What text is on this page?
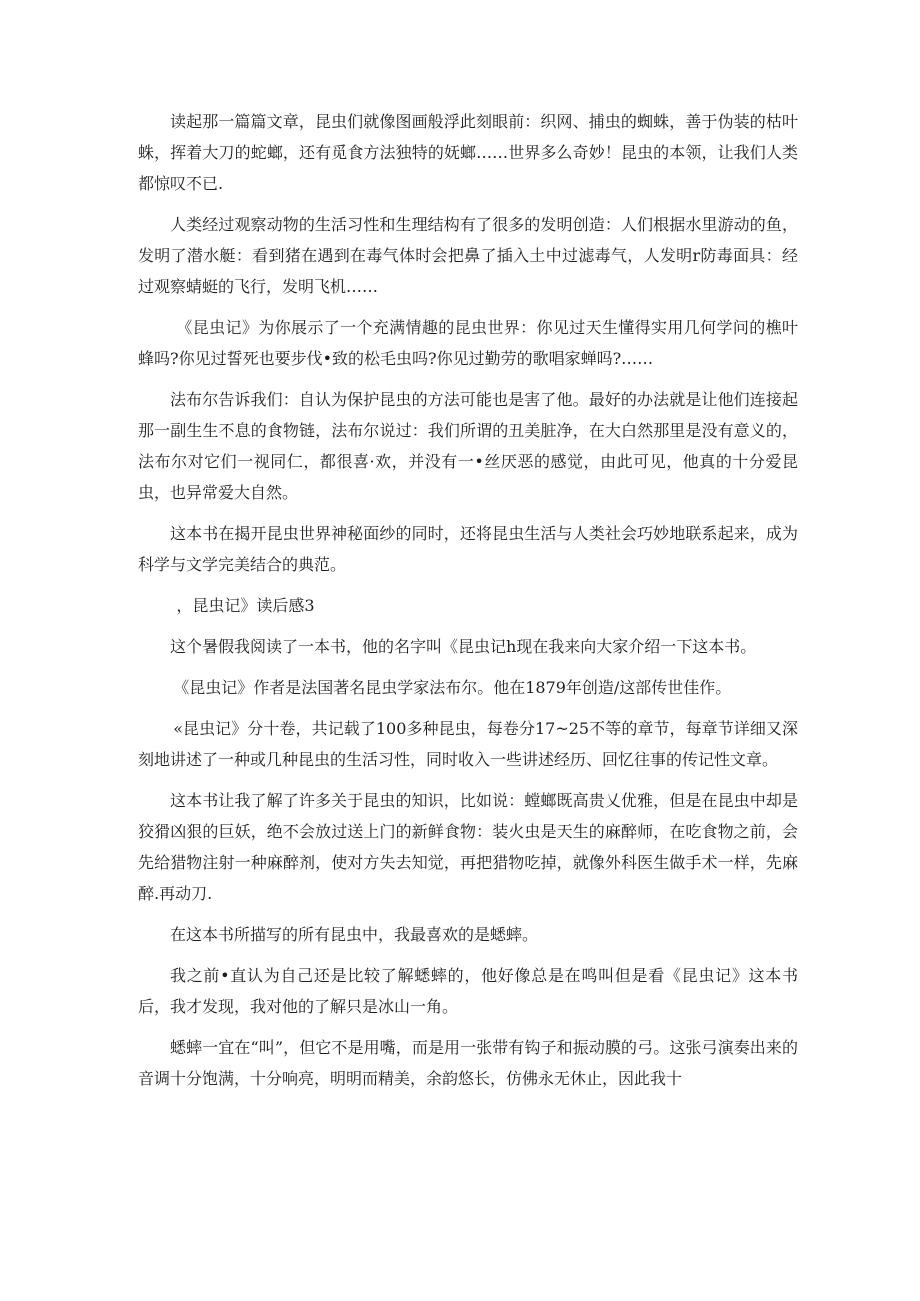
读起那一篇篇文章，昆虫们就像图画般浮此刻眼前：织网、捕虫的蜘蛛，善于伪装的枯叶蛛，挥着大刀的蛇螂，还有觅食方法独特的妩螂……世界多么奇妙！昆虫的本领，让我们人类都惊叹不已.

人类经过观察动物的生活习性和生理结构有了很多的发明创造：人们根据水里游动的鱼，发明了潜水艇：看到猪在遇到在毒气体时会把鼻了插入土中过滤毒气，人发明r防毒面具：经过观察蜻蜓的飞行，发明飞机……

《昆虫记》为你展示了一个充满情趣的昆虫世界：你见过天生懂得实用几何学问的樵叶蜂吗?你见过誓死也要步伐•致的松毛虫吗?你见过勤劳的歌唱家蝉吗?……

法布尔告诉我们：自认为保护昆虫的方法可能也是害了他。最好的办法就是让他们连接起那一副生生不息的食物链，法布尔说过：我们所谓的丑美脏净，在大白然那里是没有意义的，法布尔对它们一视同仁，都很喜·欢，并没有一•丝厌恶的感觉，由此可见，他真的十分爱昆虫，也异常爱大自然。

这本书在揭开昆虫世界神秘面纱的同时，还将昆虫生活与人类社会巧妙地联系起来，成为科学与文学完美结合的典范。

，昆虫记》读后感3

这个暑假我阅读了一本书，他的名字叫《昆虫记h现在我来向大家介绍一下这本书。

《昆虫记》作者是法国著名昆虫学家法布尔。他在1879年创造/这部传世佳作。

«昆虫记》分十卷，共记载了100多种昆虫，每卷分17~25不等的章节，每章节详细又深刻地讲述了一种或几种昆虫的生活习性，同时收入一些讲述经历、回忆往事的传记性文章。

这本书让我了解了许多关于昆虫的知识，比如说：螳螂既高贵乂优雅，但是在昆虫中却是狡猾凶狠的巨妖，绝不会放过送上门的新鲜食物：装火虫是天生的麻醉师，在吃食物之前，会先给猎物注射一种麻醉剂，使对方失去知觉，再把猎物吃掉，就像外科医生做手术一样，先麻醉.再动刀.

在这本书所描写的所有昆虫中，我最喜欢的是蟋蟀。

我之前•直认为自己还是比较了解蟋蟀的，他好像总是在鸣叫但是看《昆虫记》这本书后，我才发现，我对他的了解只是冰山一角。

蟋蟀一宜在“叫”，但它不是用嘴，而是用一张带有钩子和振动膜的弓。这张弓演奏出来的音调十分饱满，十分响亮，明明而精美，余韵悠长，仿佛永无休止，因此我十
